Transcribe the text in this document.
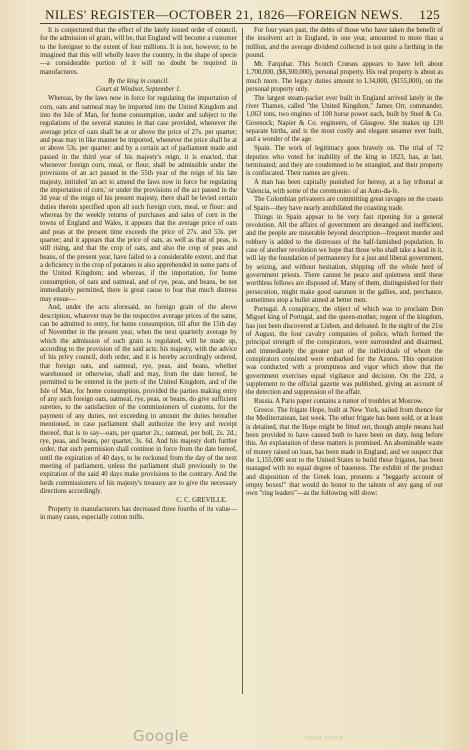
NILES' REGISTER—OCTOBER 21, 1826—FOREIGN NEWS.	125

It is conjectured that the effect of the lately issued order of council, for the admission of grain, will be, that England will become a customer to the foreigner to the extent of four millions. It is not, however, to be imagined that this will wholly leave the country, in the shape of specie—a considerable portion of it will no doubt be required in manufactures.

By the king in council.

Court at Windsor, September 1.

Whereas, by the laws now in force for regulating the importation of corn, oats and oatmeal may be imported into the United Kingdom and into the Isle of Man, for home consumption, under and subject to the regulations of the several statutes in that case provided, whenever the average price of oats shall be at or above the price of 27s. per quarter; and peas may in like manner be imported, whenever the price shall be at or above 53s. per quarter: and by a certain act of parliament made and passed in the third year of his majesty's reign, it is enacted, that whenever foreign corn, meal, or flour, shall be admissible under the provisions of an act passed in the 55th year of the reign of his late majesty, intituled 'an act to amend the laws now in force for regulating the importation of corn,' or under the provisions of the act passed in the 3d year of the reign of his present majesty, there shall be levied certain duties therein specified upon all such foreign corn, meal, or flour: and whereas by the weekly returns of purchases and sales of corn in the towns of England and Wales, it appears that the average price of oats and peas at the present time exceeds the price of 27s. and 53s. per quarter; and it appears that the price of oats, as well as that of peas, is still rising, and that the crop of oats, and also the crop of peas and beans, of the present year, have failed to a considerable extent, and that a deficiency in the crop of potatoes is also apprehended in some parts of the United Kingdom; and whereas, if the importation, for home consumption, of oats and oatmeal, and of rye, peas, and beans, be not immediately permitted, there is great cause to fear that much distress may ensue—

And, under the acts aforesaid, no foreign grain of the above description, whatever may be the respective average prices of the same, can be admitted to entry, for home consumption, till after the 15th day of November in the present year, when the next quarterly average by which the admission of such grain is regulated, will be made up, according to the provision of the said acts: his majesty, with the advice of his privy council, doth order, and it is hereby accordingly ordered, that foreign oats, and oatmeal, rye, peas, and beans, whether warehoused or otherwise, shall and may, from the date hereof, be permitted to be entered in the ports of the United Kingdom, and of the Isle of Man, for home consumption, provided the parties making entry of any such foreign oats, oatmeal, rye, peas, or beans, do give sufficient sureties, to the satisfaction of the commissioners of customs, for the payment of any duties, not exceeding in amount the duties hereafter mentioned, in case parliament shall authorize the levy and receipt thereof, that is to say—oats, per quarter 2s.; oatmeal, per boll, 2s. 2d.; rye, peas, and beans, per quarter, 3s. 6d. And his majesty doth further order, that such permission shall continue in force from the date hereof, until the expiration of 40 days, to be reckoned from the day of the next meeting of parliament, unless the parliament shall previously to the expiration of the said 40 days make provisions to the contrary. And the lords commissioners of his majesty's treasury are to give the necessary directions accordingly.

C. C. GREVILLE.

Property in manufacturers has decreased three fourths of its value—in many cases, especially cotton mills.

For four years past, the debts of those who have taken the benefit of the insolvent act in England, in one year, amounted to more than a million, and the average dividend collected is not quite a farthing in the pound.

Mr. Farquhar. This Scotch Crœsus appears to have left about 1,700,000, ($8,300,000), personal property. His real property is about as much more. The legacy duties amount to L34,000, ($155,000), on the personal property only.

The largest steam-packet ever built in England arrived lately in the river Thames, called "the United Kingdom," James Orr, commander, 1,063 tons, two engines of 100 horse power each, built by Steel & Co. Greenock; Napier & Co. engineers, of Glasgow. She makes up 120 separate births, and is the most costly and elegant steamer ever built, and a wonder of the age.

Spain. The work of legitimacy goes bravely on. The trial of 72 deputies who voted for inability of the king in 1823, has, at last, terminated; and they are condemned to be strangled, and their property is confiscated. Their names are given.

A man has been capitally punished for heresy, at a lay tribunal at Valencia, with some of the ceremonies of an Auto-da-fe.

The Colombian privateers are committing great ravages on the coasts of Spain—they have nearly annihilated the coasting trade.

Things in Spain appear to be very fast ripening for a general revolution. All the affairs of government are deranged and inefficient, and the people are miserable beyond description—frequent murder and robbery is added to the distresses of the half-famished population. In case of another revolution we hope that those who shall take a lead in it, will lay the foundation of permanency for a just and liberal government, by seizing, and without hesitation, shipping off the whole herd of government priests. There cannot be peace and quietness until these worthless fellows are disposed of. Many of them, distinguished for their persecution, might make good oarsmen in the gallies, and, perchance, sometimes stop a bullet aimed at better men.

Portugal. A conspiracy, the object of which was to proclaim Don Miguel king of Portugal, and the queen-mother, regent of the kingdom, has just been discovered at Lisbon, and defeated. In the night of the 21st of August, the four cavalry companies of police, which formed the principal strength of the conspirators, were surrounded and disarmed, and immediately the greater part of the individuals of whom the conspirators consisted were embarked for the Azores. This operation was conducted with a promptness and vigor which show that the government exercises equal vigilance and decision. On the 22d, a supplement to the official gazette was published, giving an account of the detection and suppression of the affair.

Russia. A Paris paper contains a rumor of troubles at Moscow.

Greece. The frigate Hope, built at New York, sailed from thence for the Mediterranean, last week. The other frigate has been sold, or at least is detained, that the Hope might be fitted out, though ample means had been provided to have caused both to have been on duty, long before this. An explanation of these matters is promised. An abominable waste of money raised on loan, has been made in England, and we suspect that the 1,155,000 sent to the United States to build these frigates, has been managed with no equal degree of baseness. The exhibit of the product and disposition of the Greek loan, presents a "beggarly account of empty boxes!" that would do honor to the talents of any gang of our own "ring leaders"—as the following will show:

Google	PENN STATE
